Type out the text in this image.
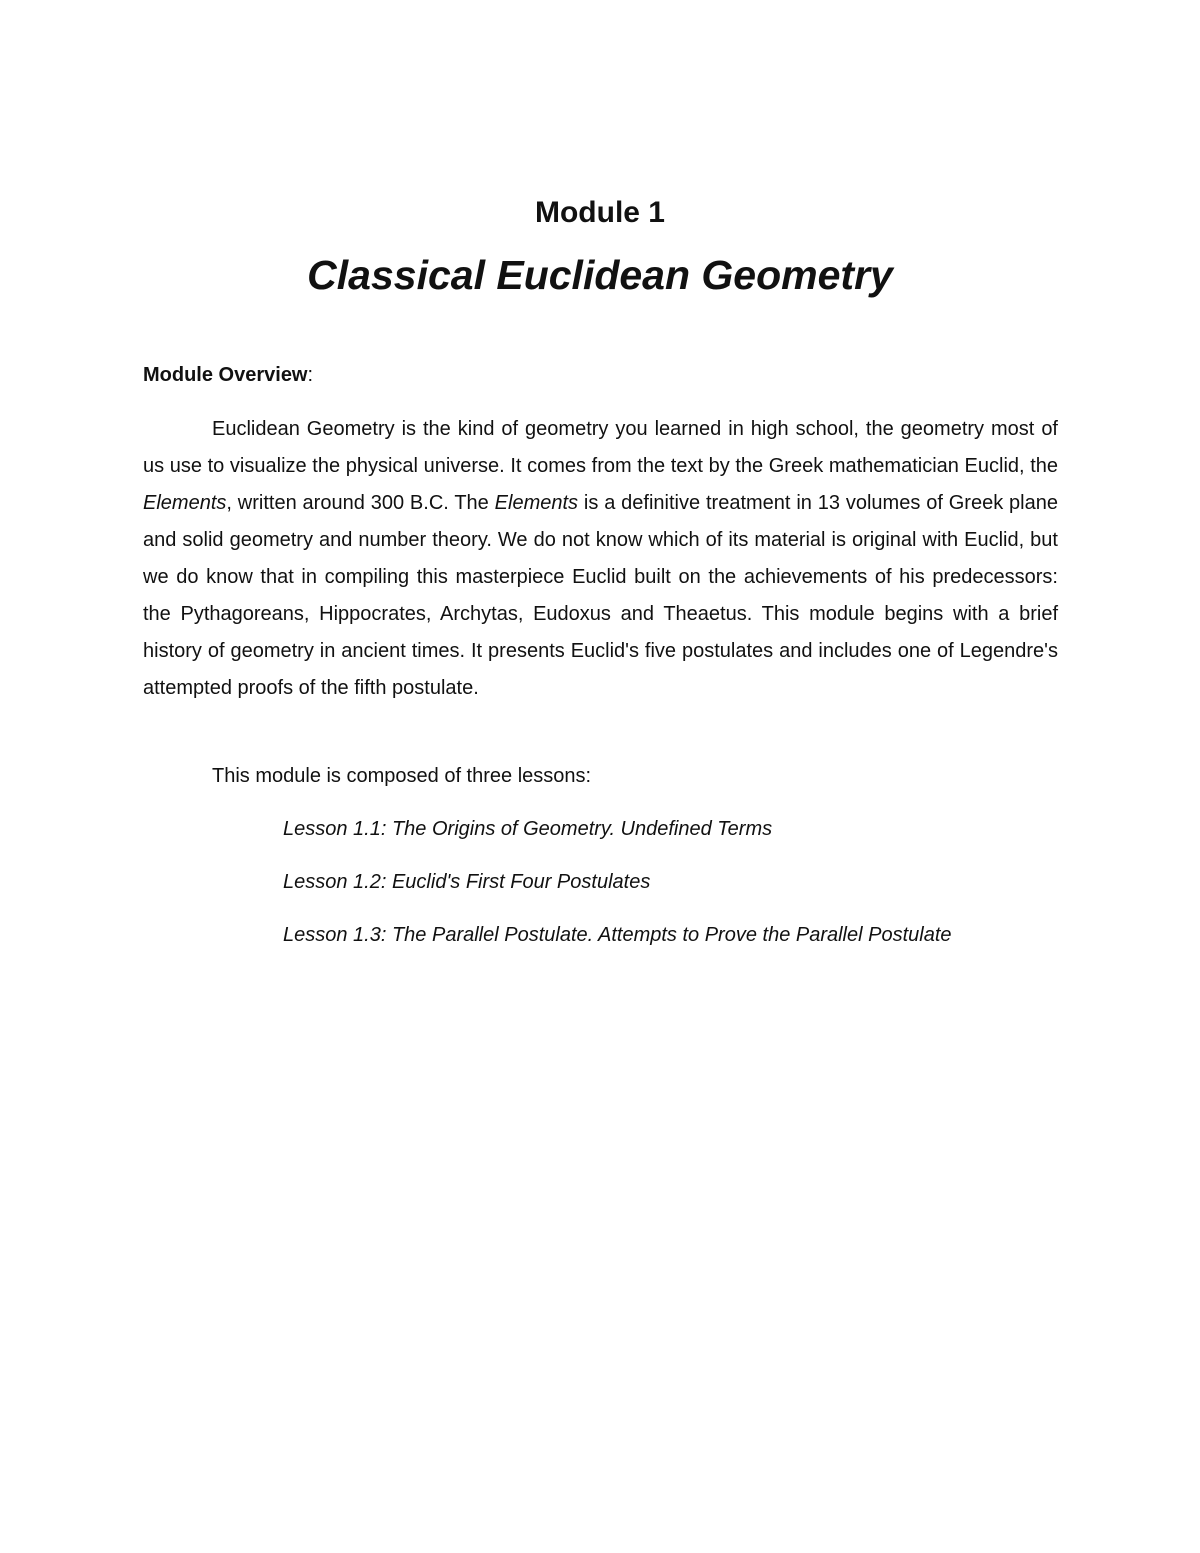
Module 1
Classical Euclidean Geometry
Module Overview:

Euclidean Geometry is the kind of geometry you learned in high school, the geometry most of us use to visualize the physical universe. It comes from the text by the Greek mathematician Euclid, the Elements, written around 300 B.C. The Elements is a definitive treatment in 13 volumes of Greek plane and solid geometry and number theory. We do not know which of its material is original with Euclid, but we do know that in compiling this masterpiece Euclid built on the achievements of his predecessors: the Pythagoreans, Hippocrates, Archytas, Eudoxus and Theaetus. This module begins with a brief history of geometry in ancient times. It presents Euclid's five postulates and includes one of Legendre's attempted proofs of the fifth postulate.

This module is composed of three lessons:
Lesson 1.1: The Origins of Geometry. Undefined Terms
Lesson 1.2: Euclid's First Four Postulates
Lesson 1.3: The Parallel Postulate. Attempts to Prove the Parallel Postulate
